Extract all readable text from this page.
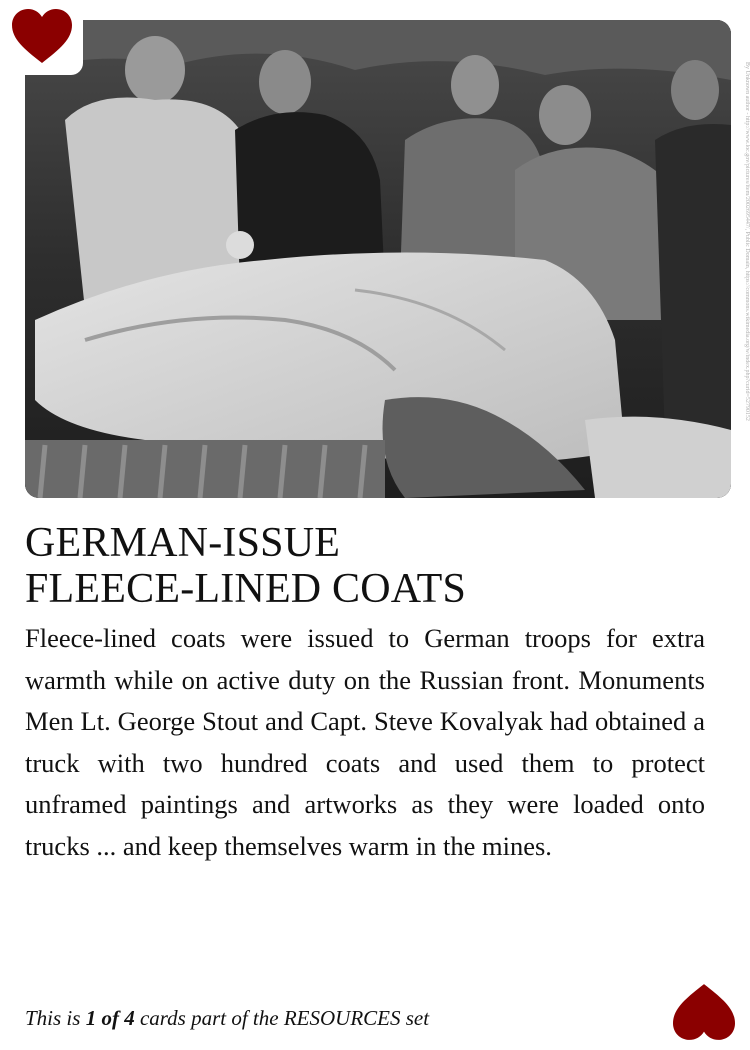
By Unknown author - http://www.loc.gov/pictures/item/2002695447/, Public Domain, https://commons.wikimedia.org/w/index.php?curid=52790152
GERMAN-ISSUE
FLEECE-LINED COATS

Fleece-lined coats were issued to German troops for extra warmth while on active duty on the Russian front. Monuments Men Lt. George Stout and Capt. Steve Kovalyak had obtained a truck with two hundred coats and used them to protect unframed paintings and artworks as they were loaded onto trucks ... and keep themselves warm in the mines.

This is 1 of 4 cards part of the RESOURCES set
